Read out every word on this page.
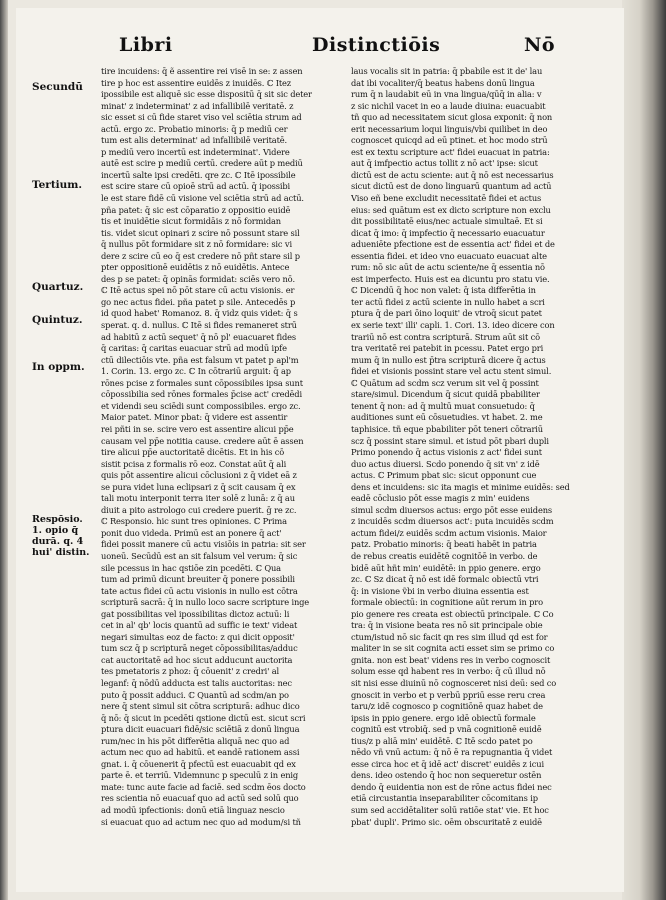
Libri	Distinctiōis	Nō
Secundū
Tertium.
Quartuz.
Quintuz.
In oppm.
Respōsio.
1. opio q̄
durā. q. 4
hui' distin.
tire incuidens: q̄ ẽ assentire rei visē in se: z assen
tire p hoc est assentire euidēs z inuidēs. ℂ Itez
ipossibile est aliquē sic esse dispositū q̄ sit sic deter
minat' z indeterminat' z ad infallibilē veritatē. z
sic esset si cū fide staret viso vel sciētia strum ad
actū. ergo zc. Probatio minoris: q̄ p mediū cer
tum est alis determinat' ad infallibilē veritatē.
p mediū vero incertū est indeterminat'. Videre
autē est scire p mediū certū. credere aūt p mediū
incertū salte ipsi credēti. qre zc. ℂ Itē ipossibile
est scire stare cū opioē strū ad actū. q̄ ipossibi
le est stare fidē cū visione vel sciētia strū ad actū.
pña patet: q̄ sic est cōparatio z oppositio euidē
tis et inuidētie sicut formidāis z nō formidan
tis. videt sicut opinari z scire nō possunt stare sil
q̄ nullus pōt formidare sit z nō formidare: sic vi
dere z scire cū eo q̄ est credere nō pñt stare sil p
pter oppositionē euidētis z nō euidētis. Antece
des p se patet: q̄ opinās formidat: sciēs vero nō.
ℂ Itē actus spei nō pōt stare cū actu visionis. er
go nec actus fidei. pña patet p sile. Antecedēs p
id quod habet' Romanoz. 8. q̄ vidz quis videt: q̄ s
sperat. q. d. nullus. ℂ Itē si fides remaneret strū
ad habitū z actū sequet' q̄ nō pl' euacuaret fides
q̄ caritas: q̄ caritas euacuar strū ad modū ipfe
ctū dilectiōis vte. pña est falsum vt patet p apl'm
1. Corin. 13. ergo zc. ℂ In cōtrariū arguit: q̄ ap
rōnes pcise z formales sunt cōpossibiles ipsa sunt
cōpossibilia sed rōnes formales p̄cise act' credēdi
et videndi seu sciēdi sunt compossibiles. ergo zc.
Maior patet. Minor pbat: q̄ videre est assentir
rei pñti in se. scire vero est assentire alicui pp̄e
causam vel pp̄e notitia cause. credere aūt ē assen
tire alicui pp̄e auctoritatē dicētis. Et in his cō
sistit pcisa z formalis rō eoz. Constat aūt q̄ ali
quis pōt assentire alicui cōclusioni z q̄ videt eā z
se pura videt luna eclipsari z q̄ scit causam q̄ ex
tali motu interponit terra iter solē z lunā: z q̄ au
diuit a pito astrologo cui credere puerit. ḡ re zc.
ℂ Responsio. hic sunt tres opiniones. ℂ Prima
ponit duo videda. Primū est an ponere q̄ act'
fidei possit manere cū actu visiōis in patria: sit ser
uoneū. Secūdū est an sit falsum vel verum: q̄ sic
sile pcessus in hac qstiōe zin pcedēti. ℂ Qua
tum ad primū dicunt breuiter q̄ ponere possibili
tate actus fidei cū actu visionis in nullo est cōtra
scripturā sacrā: q̄ in nullo loco sacre scripture inge
gat possibilitas vel ipossibilitas dictoz actuū: li
cet in al' qb' locis quantū ad suffic ie text' videat
negari simultas eoz de facto: z qui dicit opposit'
tum scz q̄ p scripturā neget cōpossibilitas/adduc
cat auctoritatē ad hoc sicut adducunt auctorita
tes pmetatoris z phoz: q̄ cōuenit' z credri' al
leganf: q̄ nōdū adducta est talis auctoritas: nec
puto q̄ possit adduci. ℂ Quantū ad scdm/an po
nere q̄ stent simul sit cōtra scripturā: adhuc dico
q̄ nō: q̄ sicut in pcedēti qstione dictū est. sicut scri
ptura dicit euacuari fidē/sic sciētiā z donū lingua
rum/nec in his pōt differētia aliquā nec quo ad
actum nec quo ad habitū. et eandē rationem assi
gnat. i. q̄ cōuenerit q̄ pfectū est euacuabit qd ex
parte ē. et terriū. Videmnunc p speculū z in enig
mate: tunc aute facie ad faciē. sed scdm ēos docto
res scientia nō euacuaf quo ad actū sed solū quo
ad modū ipfectionis: donū etiā linguaz nescio
si euacuat quo ad actum nec quo ad modum/si tñ
laus vocalis sit in patria: q̄ pbabile est it de' lau
dat ibi vocaliter/q̄ beatus habens donū lingua
rum q̄ n laudabit eū in vna lingua/qūq̄ in alia: v
z sic nichil vacet in eo a laude diuina: euacuabit
tñ quo ad necessitatem sicut glosa exponit: q̄ non
erit necessarium loqui linguis/vbi quilibet in deo
cognoscet quicqd ad eū ptinet. et hoc modo strū
est ex textu scripture act' fidei euacuat in patria:
aut q̄ imfpectio actus tollit z nō act' ipse: sicut
dictū est de actu sciente: aut q̄ nō est necessarius
sicut dictū est de dono linguarū quantum ad actū
Viso eñ bene excludit necessitatē fidei et actus
eius: sed quātum est ex dicto scripture non exclu
dit possibilitatē eius/nec actuale simultaē. Et si
dicat q̄ imo: q̄ impfectio q̄ necessario euacuatur
adueniēte pfectione est de essentia act' fidei et de
essentia fidei. et ideo vno euacuato euacuat alte
rum: nō sic aūt de actu sciente/ne q̄ essentia nō
est imperfecto. Huis est ea dicuntu pro statu vie.
ℂ Dicendū q̄ hoc non valet: q̄ ista differētia in
ter actū fidei z actū sciente in nullo habet a scri
ptura q̄ de pari ōino loquit' de vtroq̄ sicut patet
ex serie text' illi' capli. 1. Cori. 13. ideo dicere con
trariū nō est contra scripturā. Strum aūt sit cō
tra veritatē rei patebit in pcessu. Patet ergo pri
mum q̄ in nullo est p̄tra scripturā dicere q̄ actus
fidei et visionis possint stare vel actu stent simul.
ℂ Quātum ad scdm scz verum sit vel q̄ possint
stare/simul. Dicendum q̄ sicut quidā pbabiliter
tenent q̄ non: ad q̄ multū muat consuetudo: q̄
auditiones sunt eū cōsuetudies. vt habet. 2. me
taphisice. tñ eque pbabiliter pōt teneri cōtrariū
scz q̄ possint stare simul. et istud pōt pbari dupli
Primo ponendo q̄ actus visionis z act' fidei sunt
duo actus diuersi. Scdo ponendo q̄ sit vn' z idē
actus. ℂ Primum pbat sic: sicut opponunt cue
dens et incuidens: sic ita magis et minime euidēs: sed
eadē cōclusio pōt esse magis z min' euidens
simul scdm diuersos actus: ergo pōt esse euidens
z incuidēs scdm diuersos act': puta incuidēs scdm
actum fidei/z euidēs scdm actum visionis. Maior
patz. Probatio minoris: q̄ beati habēt in patria
de rebus creatis euidētē cognitōē in verbo. de
bidē aūt hñt min' euidētē: in ppio genere. ergo
zc. ℂ Sz dicat q̄ nō est idē formalc obiectū vtri
q̄: in visione ṽbi in verbo diuina essentia est
formale obiectū: in cognitione aūt rerum in pro
pio genere res creata est obiectū principale. ℂ Co
tra: q̄ in visione beata res nō sit principale obie
ctum/istud nō sic facit qn res sim illud qd est for
maliter in se sit cognita acti esset sim se primo co
gnita. non est beat' videns res in verbo cognoscit
solum esse qd habent res in verbo: q̄ cū illud nō
sit nisi esse diuinū nō cognosceret nisi deū: sed co
gnoscit in verbo et p verbū ppriū esse reru crea
taru/z idē cognosco p cognitiōnē quaz habet de
ipsis in ppio genere. ergo idē obiectū formale
cognitū est vtrobiq̄. sed p vnā cognitionē euidē
tius/z p aliā min' euidētē. ℂ Itē scdo patet po
nēdo vñ vnū actum: q̄ nō ē ra repugnantia q̄ videt
esse circa hoc et q̄ idē act' discret' euidēs z icui
dens. ideo ostendo q̄ hoc non sequeretur ostēn
dendo q̄ euidentia non est de rōne actus fidei nec
etiā circustantia inseparabiliter cōcomitans ip
sum sed accidētaliter solū ratiōe stat' vie. Et hoc
pbat' dupli'. Primo sic. oēm obscuritatē z euidē
